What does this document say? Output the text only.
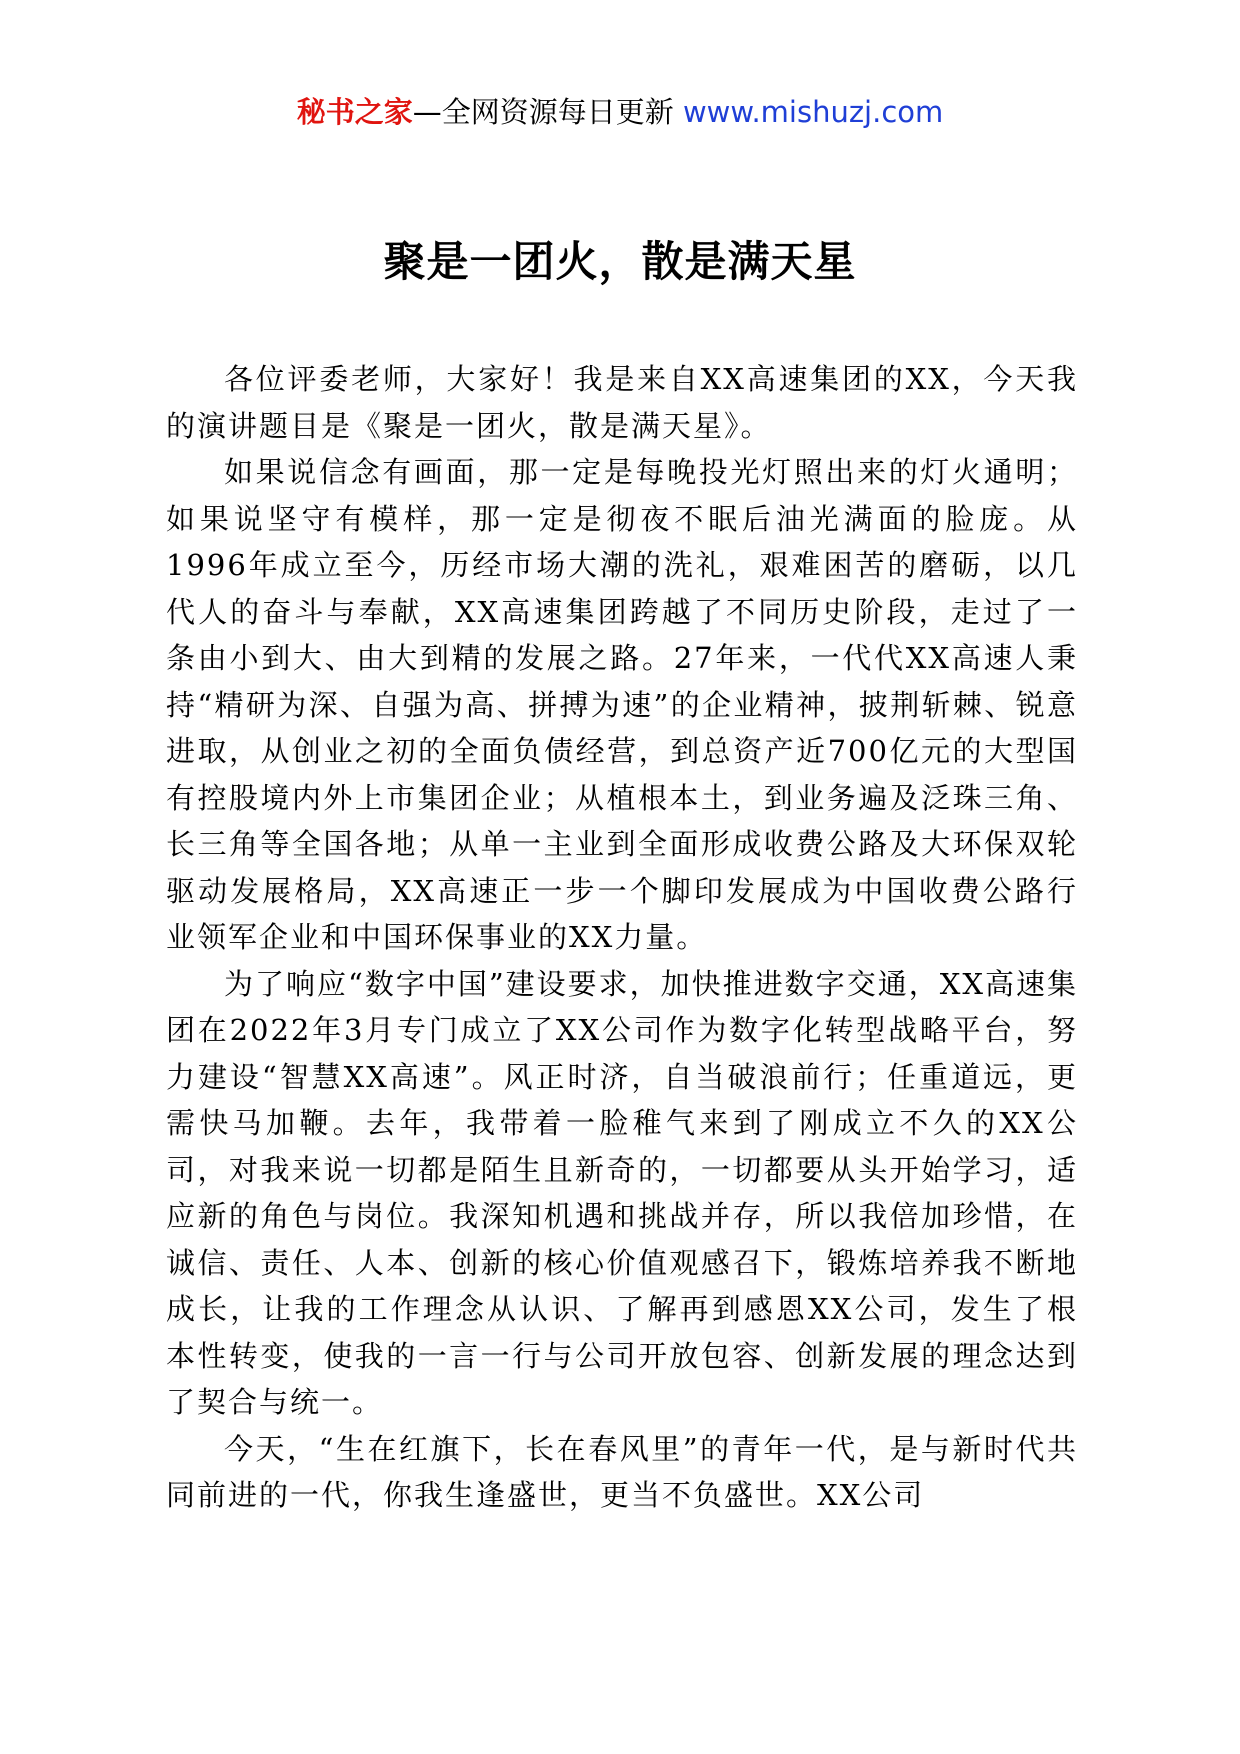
秘书之家—全网资源每日更新 www.mishuzj.com
聚是一团火，散是满天星

各位评委老师，大家好！我是来自XX高速集团的XX，今天我的演讲题目是《聚是一团火，散是满天星》。

如果说信念有画面，那一定是每晚投光灯照出来的灯火通明；如果说坚守有模样，那一定是彻夜不眠后油光满面的脸庞。从1996年成立至今，历经市场大潮的洗礼，艰难困苦的磨砺，以几代人的奋斗与奉献，XX高速集团跨越了不同历史阶段，走过了一条由小到大、由大到精的发展之路。27年来，一代代XX高速人秉持“精研为深、自强为高、拼搏为速”的企业精神，披荆斩棘、锐意进取，从创业之初的全面负债经营，到总资产近700亿元的大型国有控股境内外上市集团企业；从植根本土，到业务遍及泛珠三角、长三角等全国各地；从单一主业到全面形成收费公路及大环保双轮驱动发展格局，XX高速正一步一个脚印发展成为中国收费公路行业领军企业和中国环保事业的XX力量。

为了响应“数字中国”建设要求，加快推进数字交通，XX高速集团在2022年3月专门成立了XX公司作为数字化转型战略平台，努力建设“智慧XX高速”。风正时济，自当破浪前行；任重道远，更需快马加鞭。去年，我带着一脸稚气来到了刚成立不久的XX公司，对我来说一切都是陌生且新奇的，一切都要从头开始学习，适应新的角色与岗位。我深知机遇和挑战并存，所以我倍加珍惜，在诚信、责任、人本、创新的核心价值观感召下，锻炼培养我不断地成长，让我的工作理念从认识、了解再到感恩XX公司，发生了根本性转变，使我的一言一行与公司开放包容、创新发展的理念达到了契合与统一。

今天，“生在红旗下，长在春风里”的青年一代，是与新时代共同前进的一代，你我生逢盛世，更当不负盛世。XX公司
